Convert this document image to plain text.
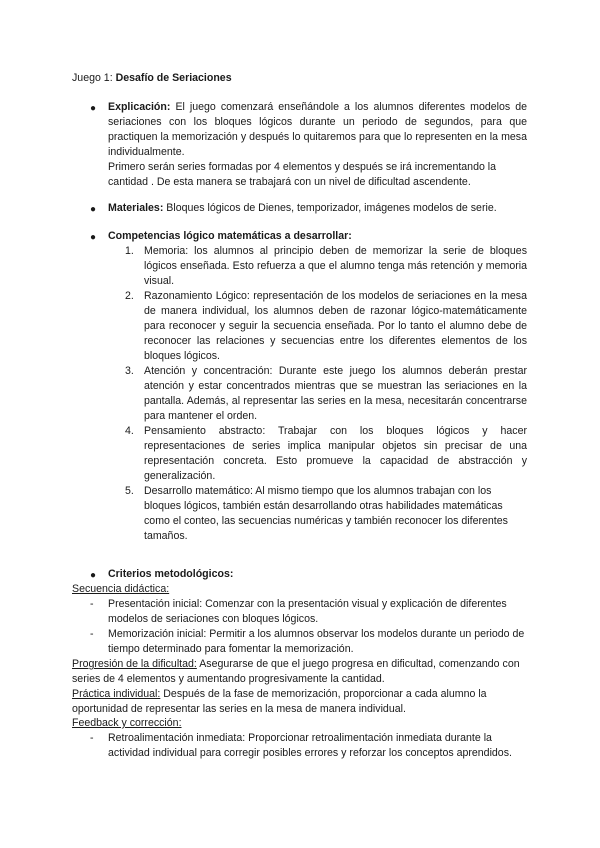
Juego 1: Desafío de Seriaciones
● Explicación: El juego comenzará enseñándole a los alumnos diferentes modelos de seriaciones con los bloques lógicos durante un periodo de segundos, para que practiquen la memorización y después lo quitaremos para que lo representen en la mesa individualmente.
Primero serán series formadas por 4 elementos y después se irá incrementando la cantidad . De esta manera se trabajará con un nivel de dificultad ascendente.
● Materiales: Bloques lógicos de Dienes, temporizador, imágenes modelos de serie.
● Competencias lógico matemáticas a desarrollar:
1. Memoria: los alumnos al principio deben de memorizar la serie de bloques lógicos enseñada. Esto refuerza a que el alumno tenga más retención y memoria visual.
2. Razonamiento Lógico: representación de los modelos de seriaciones en la mesa de manera individual, los alumnos deben de razonar lógico-matemáticamente para reconocer y seguir la secuencia enseñada. Por lo tanto el alumno debe de reconocer las relaciones y secuencias entre los diferentes elementos de los bloques lógicos.
3. Atención y concentración: Durante este juego los alumnos deberán prestar atención y estar concentrados mientras que se muestran las seriaciones en la pantalla. Además, al representar las series en la mesa, necesitarán concentrarse para mantener el orden.
4. Pensamiento abstracto: Trabajar con los bloques lógicos y hacer representaciones de series implica manipular objetos sin precisar de una representación concreta. Esto promueve la capacidad de abstracción y generalización.
5. Desarrollo matemático: Al mismo tiempo que los alumnos trabajan con los bloques lógicos, también están desarrollando otras habilidades matemáticas como el conteo, las secuencias numéricas y también reconocer los diferentes tamaños.
● Criterios metodológicos:
Secuencia didáctica:
- Presentación inicial: Comenzar con la presentación visual y explicación de diferentes modelos de seriaciones con bloques lógicos.
- Memorización inicial: Permitir a los alumnos observar los modelos durante un periodo de tiempo determinado para fomentar la memorización.
Progresión de la dificultad: Asegurarse de que el juego progresa en dificultad, comenzando con series de 4 elementos y aumentando progresivamente la cantidad.
Práctica individual: Después de la fase de memorización, proporcionar a cada alumno la oportunidad de representar las series en la mesa de manera individual.
Feedback y corrección:
- Retroalimentación inmediata: Proporcionar retroalimentación inmediata durante la actividad individual para corregir posibles errores y reforzar los conceptos aprendidos.
